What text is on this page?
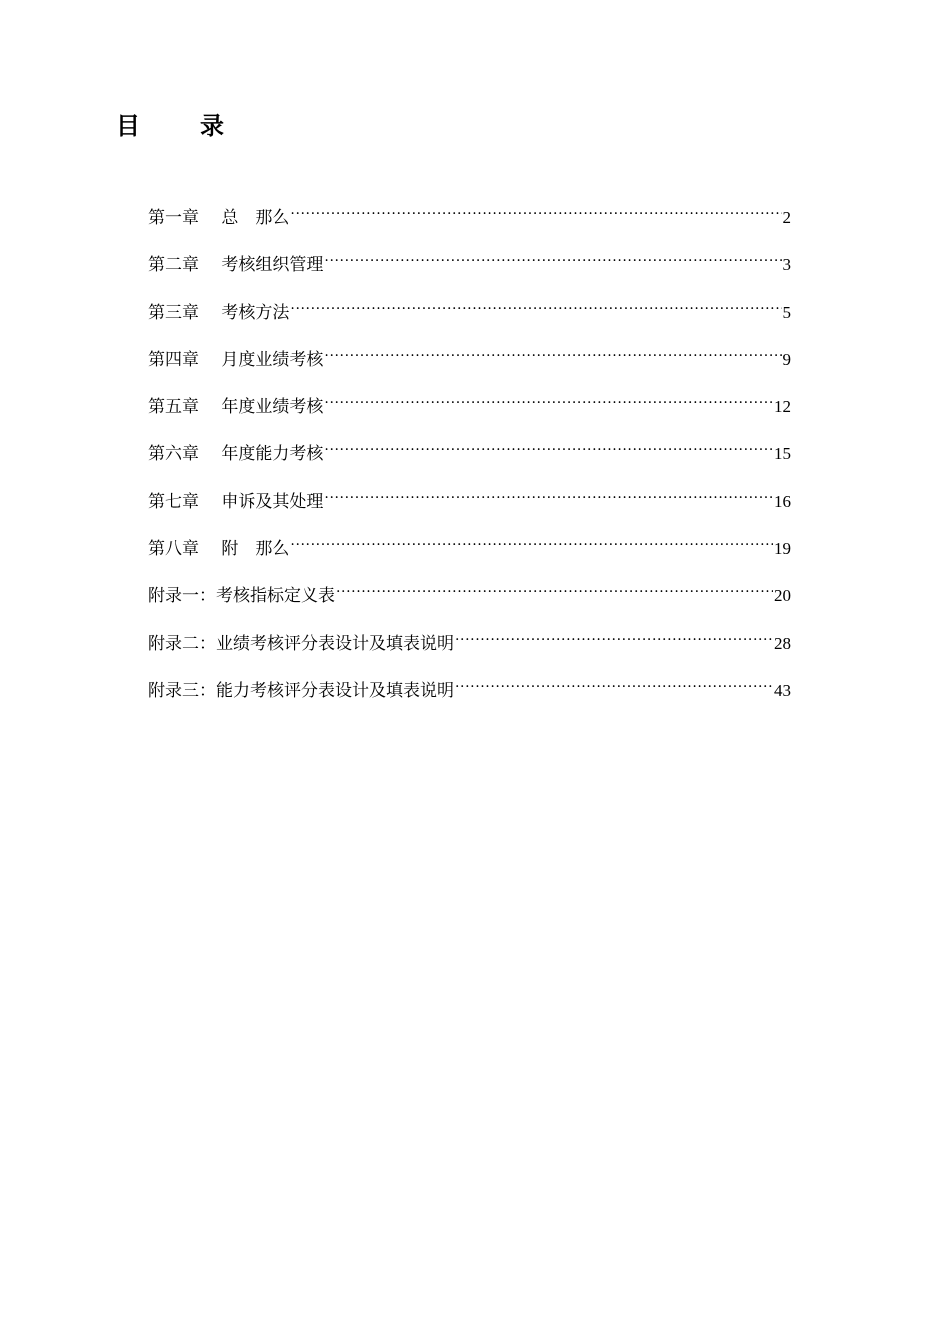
目　录
第一章　 总　那么 .....	2
第二章　 考核组织管理 .....	3
第三章　 考核方法 .....	5
第四章　 月度业绩考核 .....	9
第五章　 年度业绩考核 .....	12
第六章　 年度能力考核 .....	15
第七章　 申诉及其处理 .....	16
第八章　 附　那么 .....	19
附录一：考核指标定义表 .....	20
附录二：业绩考核评分表设计及填表说明 .....	28
附录三：能力考核评分表设计及填表说明 .....	43
